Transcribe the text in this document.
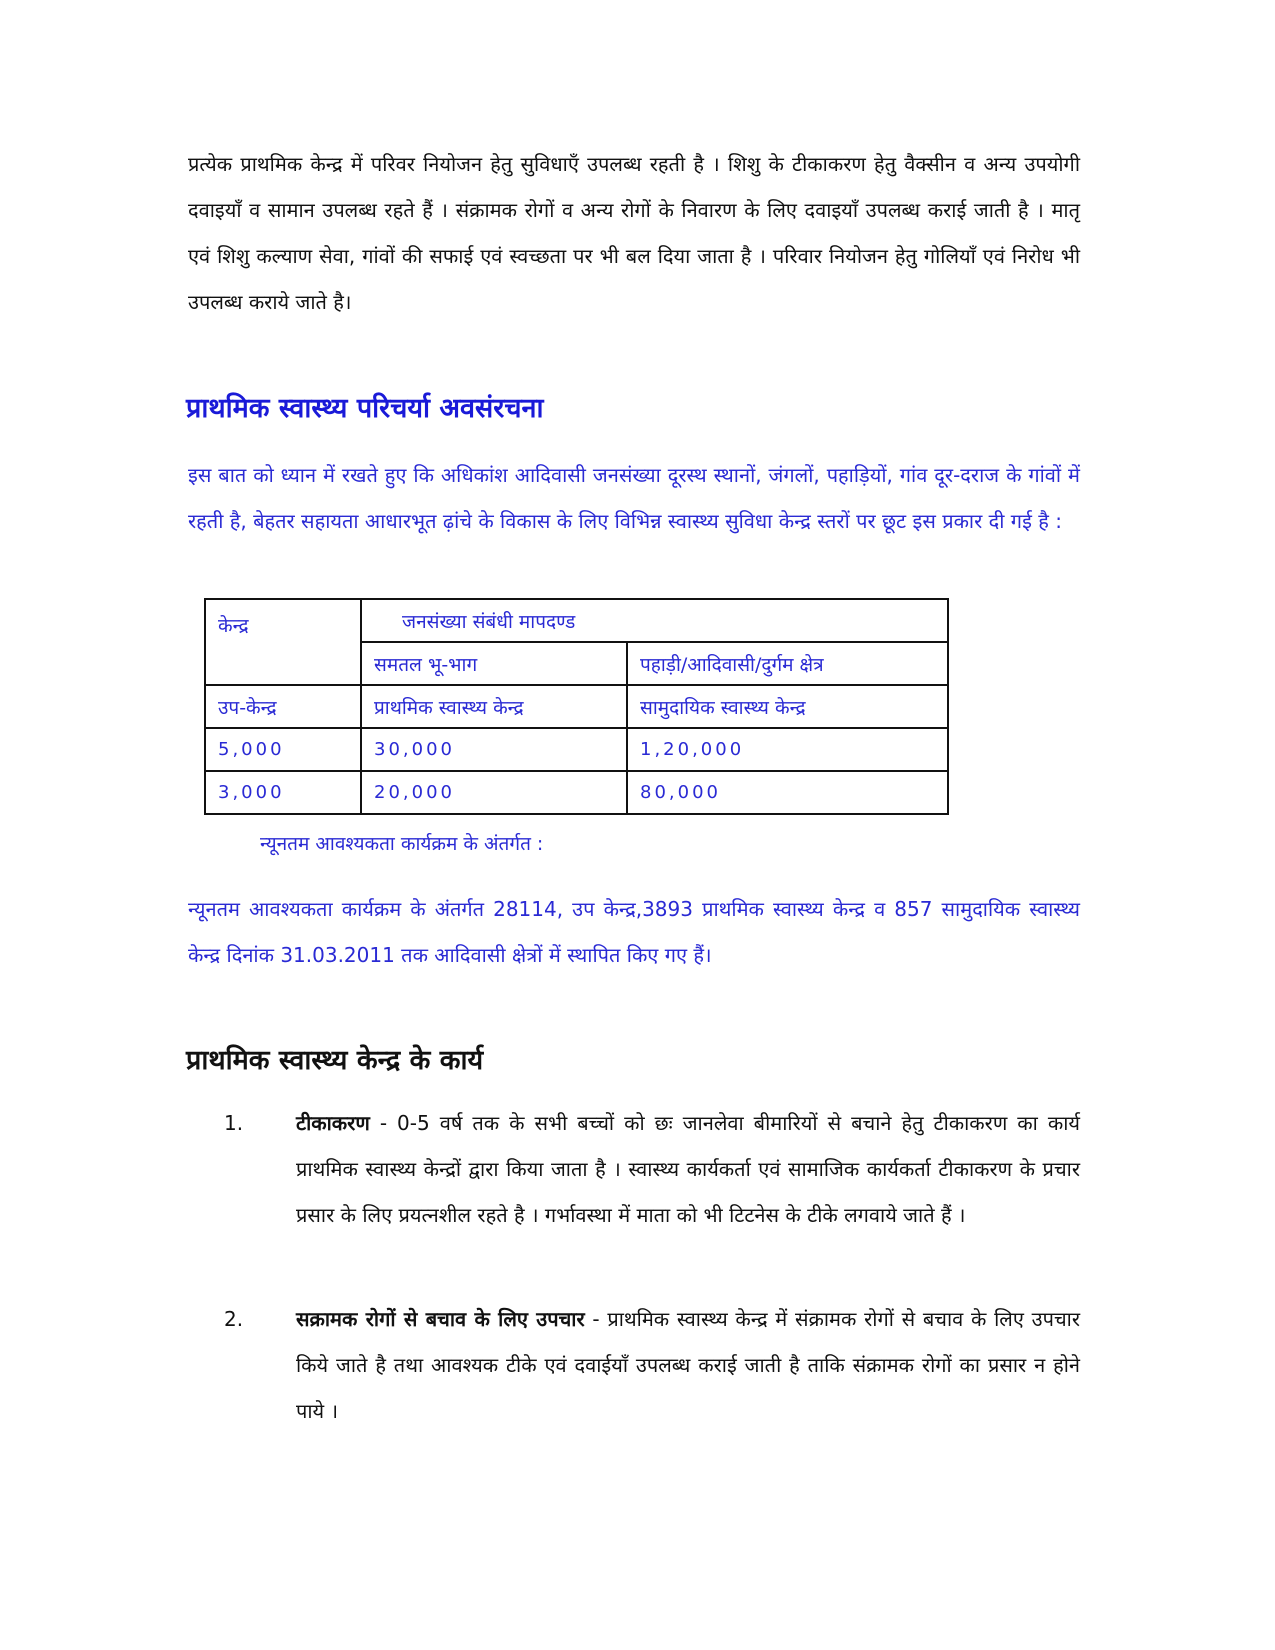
प्रत्येक प्राथमिक केन्द्र में परिवर नियोजन हेतु सुविधाएँ उपलब्ध रहती है । शिशु के टीकाकरण हेतु वैक्सीन व अन्य उपयोगी दवाइयाँ व सामान उपलब्ध रहते हैं । संक्रामक रोगों व अन्य रोगों के निवारण के लिए दवाइयाँ उपलब्ध कराई जाती है । मातृ एवं शिशु कल्याण सेवा, गांवों की सफाई एवं स्वच्छता पर भी बल दिया जाता है । परिवार नियोजन हेतु गोलियाँ एवं निरोध भी उपलब्ध कराये जाते है।

प्राथमिक स्वास्थ्य परिचर्या अवसंरचना

इस बात को ध्यान में रखते हुए कि अधिकांश आदिवासी जनसंख्या दूरस्थ स्थानों, जंगलों, पहाड़ियों, गांव दूर-दराज के गांवों में रहती है, बेहतर सहायता आधारभूत ढ़ांचे के विकास के लिए विभिन्न स्वास्थ्य सुविधा केन्द्र स्तरों पर छूट इस प्रकार दी गई है :

केन्द्र	जनसंख्या संबंधी मापदण्ड	
	समतल भू-भाग	पहाड़ी/आदिवासी/दुर्गम क्षेत्र
उप-केन्द्र	प्राथमिक स्वास्थ्य केन्द्र	सामुदायिक स्वास्थ्य केन्द्र
5,000	30,000	1,20,000
3,000	20,000	80,000

न्यूनतम आवश्यकता कार्यक्रम के अंतर्गत :

न्यूनतम आवश्यकता कार्यक्रम के अंतर्गत 28114, उप केन्द्र,3893 प्राथमिक स्वास्थ्य केन्द्र व 857 सामुदायिक स्वास्थ्य केन्द्र दिनांक 31.03.2011 तक आदिवासी क्षेत्रों में स्थापित किए गए हैं।

प्राथमिक स्वास्थ्य केन्द्र के कार्य
1.	टीकाकरण - 0-5 वर्ष तक के सभी बच्चों को छः जानलेवा बीमारियों से बचाने हेतु टीकाकरण का कार्य प्राथमिक स्वास्थ्य केन्द्रों द्वारा किया जाता है । स्वास्थ्य कार्यकर्ता एवं सामाजिक कार्यकर्ता टीकाकरण के प्रचार प्रसार के लिए प्रयत्नशील रहते है । गर्भावस्था में माता को भी टिटनेस के टीके लगवाये जाते हैं ।

2.	सक्रामक रोगों से बचाव के लिए उपचार - प्राथमिक स्वास्थ्य केन्द्र में संक्रामक रोगों से बचाव के लिए उपचार किये जाते है तथा आवश्यक टीके एवं दवाईयाँ उपलब्ध कराई जाती है ताकि संक्रामक रोगों का प्रसार न होने पाये ।
